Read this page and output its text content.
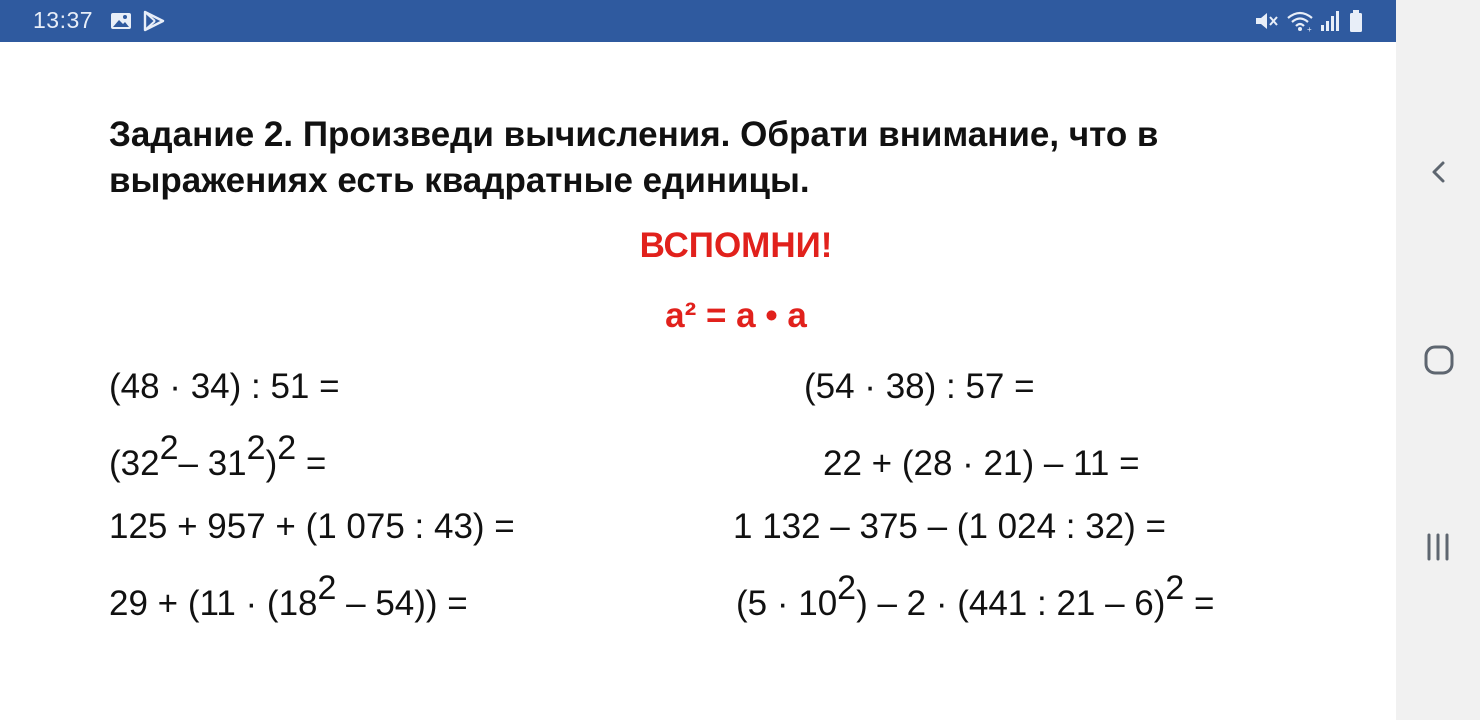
13:37	+
Задание 2. Произведи вычисления. Обрати внимание, что в
выражениях есть квадратные единицы.
ВСПОМНИ!
a² = a • a
(48 · 34) : 51 =	(54 · 38) : 57 =
(322– 312)2 =	22 + (28 · 21) – 11 =
125 + 957 + (1 075 : 43) =	1 132 – 375 – (1 024 : 32) =
29 + (11 · (182 – 54)) =	(5 · 102) – 2 · (441 : 21 – 6)2 =
